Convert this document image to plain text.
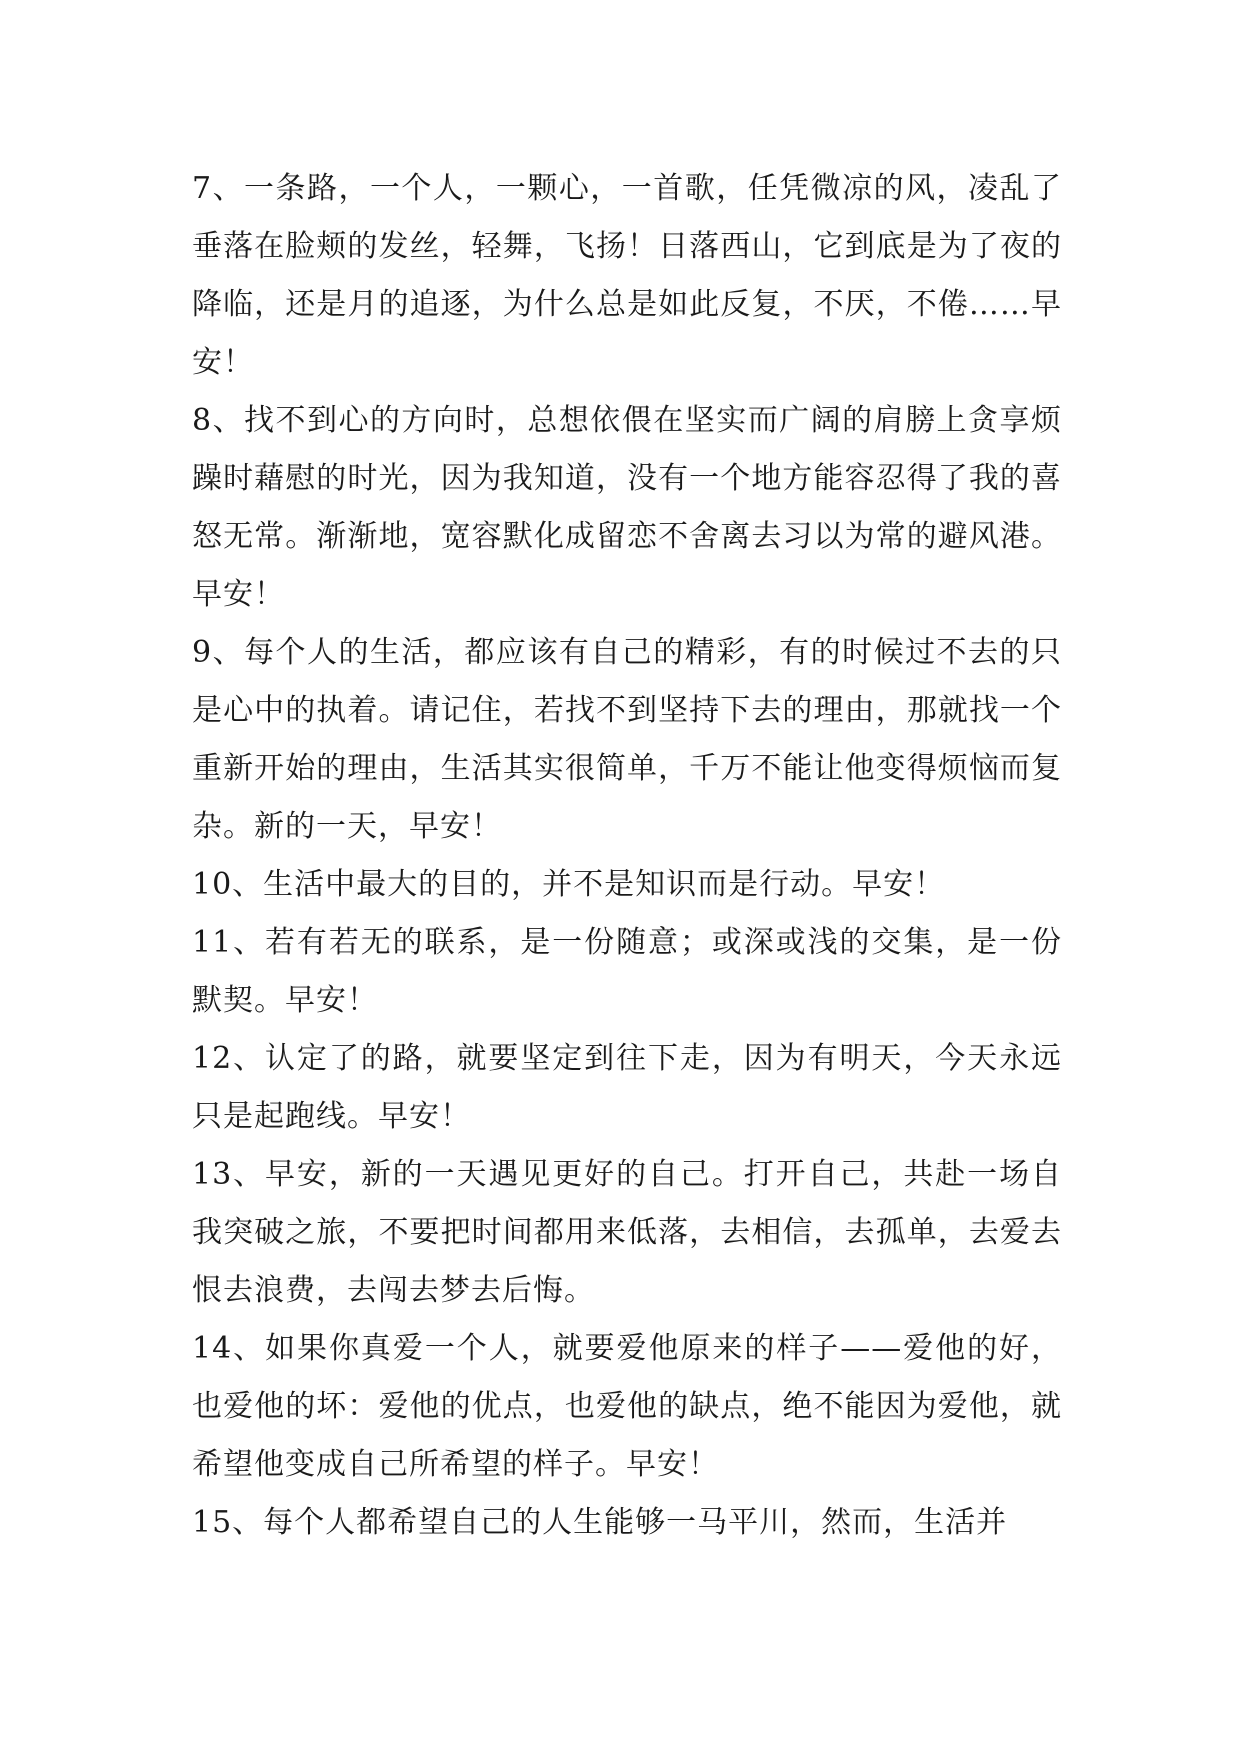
7、一条路，一个人，一颗心，一首歌，任凭微凉的风，凌乱了垂落在脸颊的发丝，轻舞，飞扬！日落西山，它到底是为了夜的降临，还是月的追逐，为什么总是如此反复，不厌，不倦……早安！

8、找不到心的方向时，总想依偎在坚实而广阔的肩膀上贪享烦躁时藉慰的时光，因为我知道，没有一个地方能容忍得了我的喜怒无常。渐渐地，宽容默化成留恋不舍离去习以为常的避风港。早安！

9、每个人的生活，都应该有自己的精彩，有的时候过不去的只是心中的执着。请记住，若找不到坚持下去的理由，那就找一个重新开始的理由，生活其实很简单，千万不能让他变得烦恼而复杂。新的一天，早安！

10、生活中最大的目的，并不是知识而是行动。早安！

11、若有若无的联系，是一份随意；或深或浅的交集，是一份默契。早安！

12、认定了的路，就要坚定到往下走，因为有明天，今天永远只是起跑线。早安！

13、早安，新的一天遇见更好的自己。打开自己，共赴一场自我突破之旅，不要把时间都用来低落，去相信，去孤单，去爱去恨去浪费，去闯去梦去后悔。

14、如果你真爱一个人，就要爱他原来的样子——爱他的好，也爱他的坏：爱他的优点，也爱他的缺点，绝不能因为爱他，就希望他变成自己所希望的样子。早安！

15、每个人都希望自己的人生能够一马平川，然而，生活并
